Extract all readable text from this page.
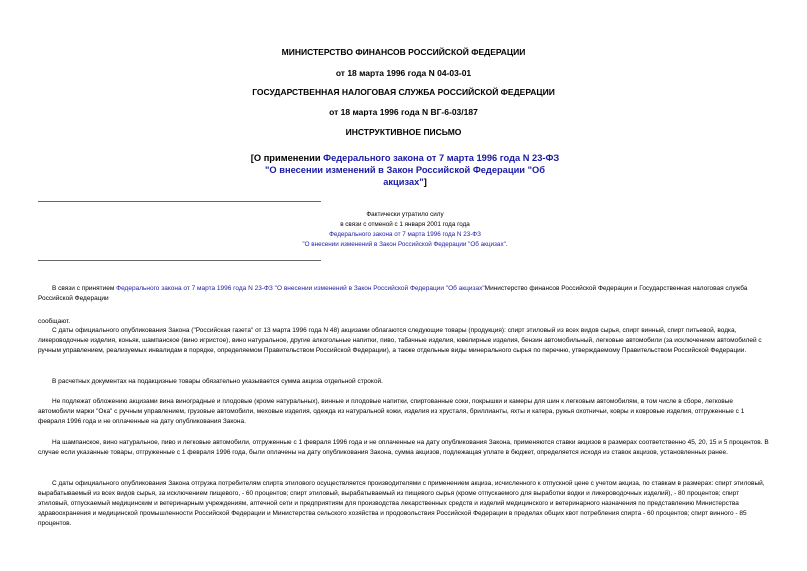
МИНИСТЕРСТВО ФИНАНСОВ РОССИЙСКОЙ ФЕДЕРАЦИИ
от 18 марта 1996 года N 04-03-01
ГОСУДАРСТВЕННАЯ НАЛОГОВАЯ СЛУЖБА РОССИЙСКОЙ ФЕДЕРАЦИИ
от 18 марта 1996 года N ВГ-6-03/187
ИНСТРУКТИВНОЕ ПИСЬМО
[О применении Федерального закона от 7 марта 1996 года N 23-ФЗ "О внесении изменений в Закон Российской Федерации "Об акцизах"]
Фактически утратило силу
в связи с отменой с 1 января 2001 года года
Федерального закона от 7 марта 1996 года N 23-ФЗ
"О внесении изменений в Закон Российской Федерации "Об акцизах".
В связи с принятием Федерального закона от 7 марта 1996 года N 23-ФЗ "О внесении изменений в Закон Российской Федерации "Об акцизах"Министерство финансов Российской Федерации и Государственная налоговая служба Российской Федерации
сообщают.
С даты официального опубликования Закона ("Российская газета" от 13 марта 1996 года N 48) акцизами облагаются следующие товары (продукция): спирт этиловый из всех видов сырья, спирт винный, спирт питьевой, водка, ликероводочные изделия, коньяк, шампанское (вино игристое), вино натуральное, другие алкогольные напитки, пиво, табачные изделия, ювелирные изделия, бензин автомобильный, легковые автомобили (за исключением автомобилей с ручным управлением, реализуемых инвалидам в порядке, определяемом Правительством Российской Федерации), а также отдельные виды минерального сырья по перечню, утверждаемому Правительством Российской Федерации.
В расчетных документах на подакцизные товары обязательно указывается сумма акциза отдельной строкой.
Не подлежат обложению акцизами вина виноградные и плодовые (кроме натуральных), винные и плодовые напитки, спиртованные соки, покрышки и камеры для шин к легковым автомобилям, в том числе в сборе, легковые автомобили марки "Ока" с ручным управлением, грузовые автомобили, меховые изделия, одежда из натуральной кожи, изделия из хрусталя, бриллианты, яхты и катера, ружья охотничьи, ковры и ковровые изделия, отгруженные с 1 февраля 1996 года и не оплаченные на дату опубликования Закона.
На шампанское, вино натуральное, пиво и легковые автомобили, отгруженные с 1 февраля 1996 года и не оплаченные на дату опубликования Закона, применяются ставки акцизов в размерах соответственно 45, 20, 15 и 5 процентов. В случае если указанные товары, отгруженные с 1 февраля 1996 года, были оплачены на дату опубликования Закона, сумма акцизов, подлежащая уплате в бюджет, определяется исходя из ставок акцизов, установленных ранее.
С даты официального опубликования Закона отгрузка потребителям спирта этилового осуществляется производителями с применением акциза, исчисленного к отпускной цене с учетом акциза, по ставкам в размерах: спирт этиловый, вырабатываемый из всех видов сырья, за исключением пищевого, - 60 процентов; спирт этиловый, вырабатываемый из пищевого сырья (кроме отпускаемого для выработки водки и ликероводочных изделий), - 80 процентов; спирт этиловый, отпускаемый медицинским и ветеринарным учреждениям, аптечной сети и предприятиям для производства лекарственных средств и изделий медицинского и ветеринарного назначения по представлению Министерства здравоохранения и медицинской промышленности Российской Федерации и Министерства сельского хозяйства и продовольствия Российской Федерации в пределах общих квот потребления спирта - 60 процентов; спирт винного - 85 процентов.
